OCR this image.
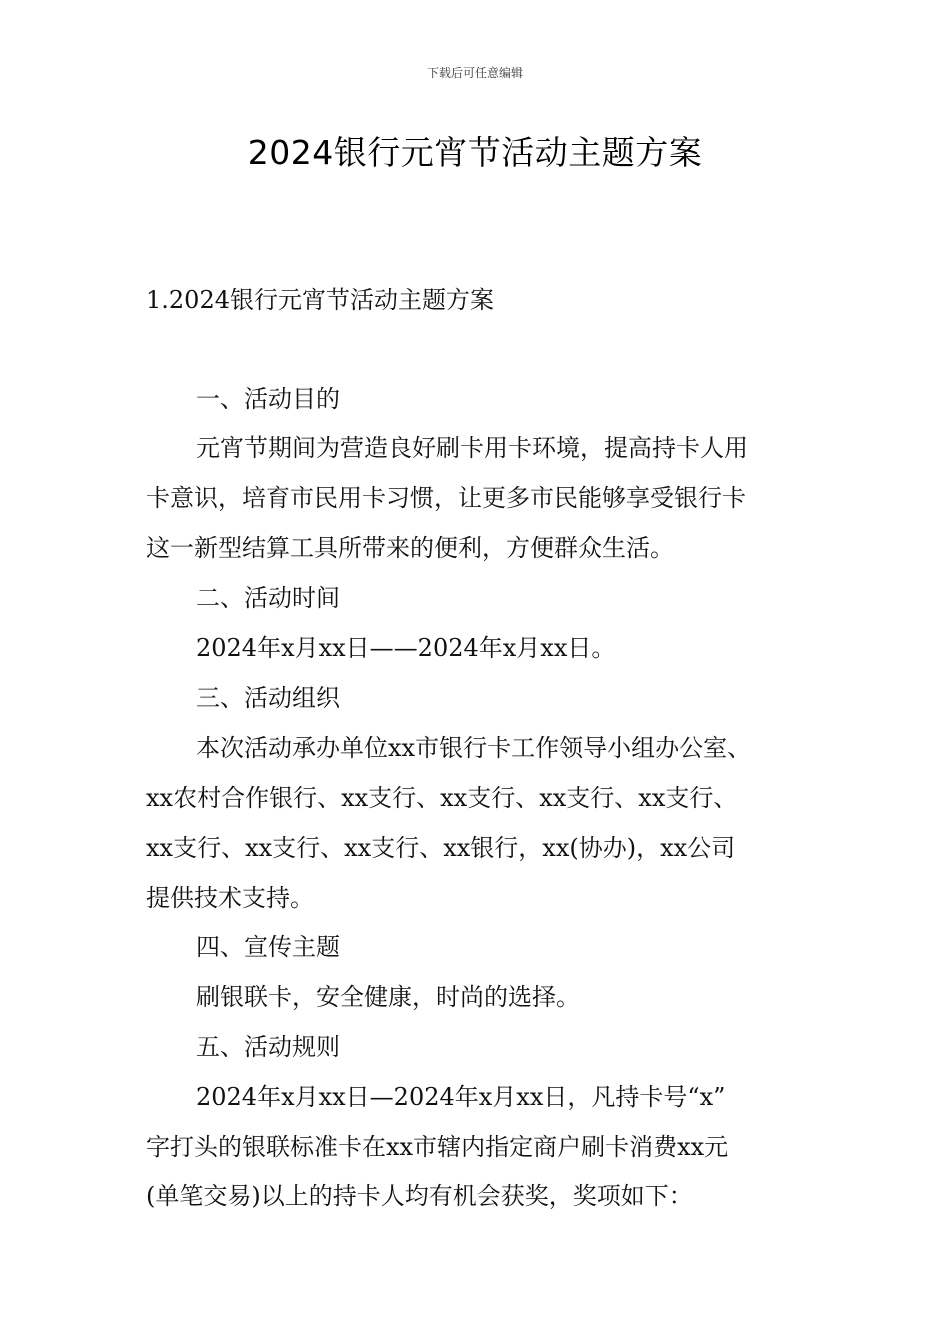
下载后可任意编辑
2024银行元宵节活动主题方案
1.2024银行元宵节活动主题方案
一、活动目的
元宵节期间为营造良好刷卡用卡环境，提高持卡人用
卡意识，培育市民用卡习惯，让更多市民能够享受银行卡
这一新型结算工具所带来的便利，方便群众生活。
二、活动时间
2024年x月xx日——2024年x月xx日。
三、活动组织
本次活动承办单位xx市银行卡工作领导小组办公室、
xx农村合作银行、xx支行、xx支行、xx支行、xx支行、
xx支行、xx支行、xx支行、xx银行，xx(协办)，xx公司
提供技术支持。
四、宣传主题
刷银联卡，安全健康，时尚的选择。
五、活动规则
2024年x月xx日—2024年x月xx日，凡持卡号“x”
字打头的银联标准卡在xx市辖内指定商户刷卡消费xx元
(单笔交易)以上的持卡人均有机会获奖，奖项如下：
